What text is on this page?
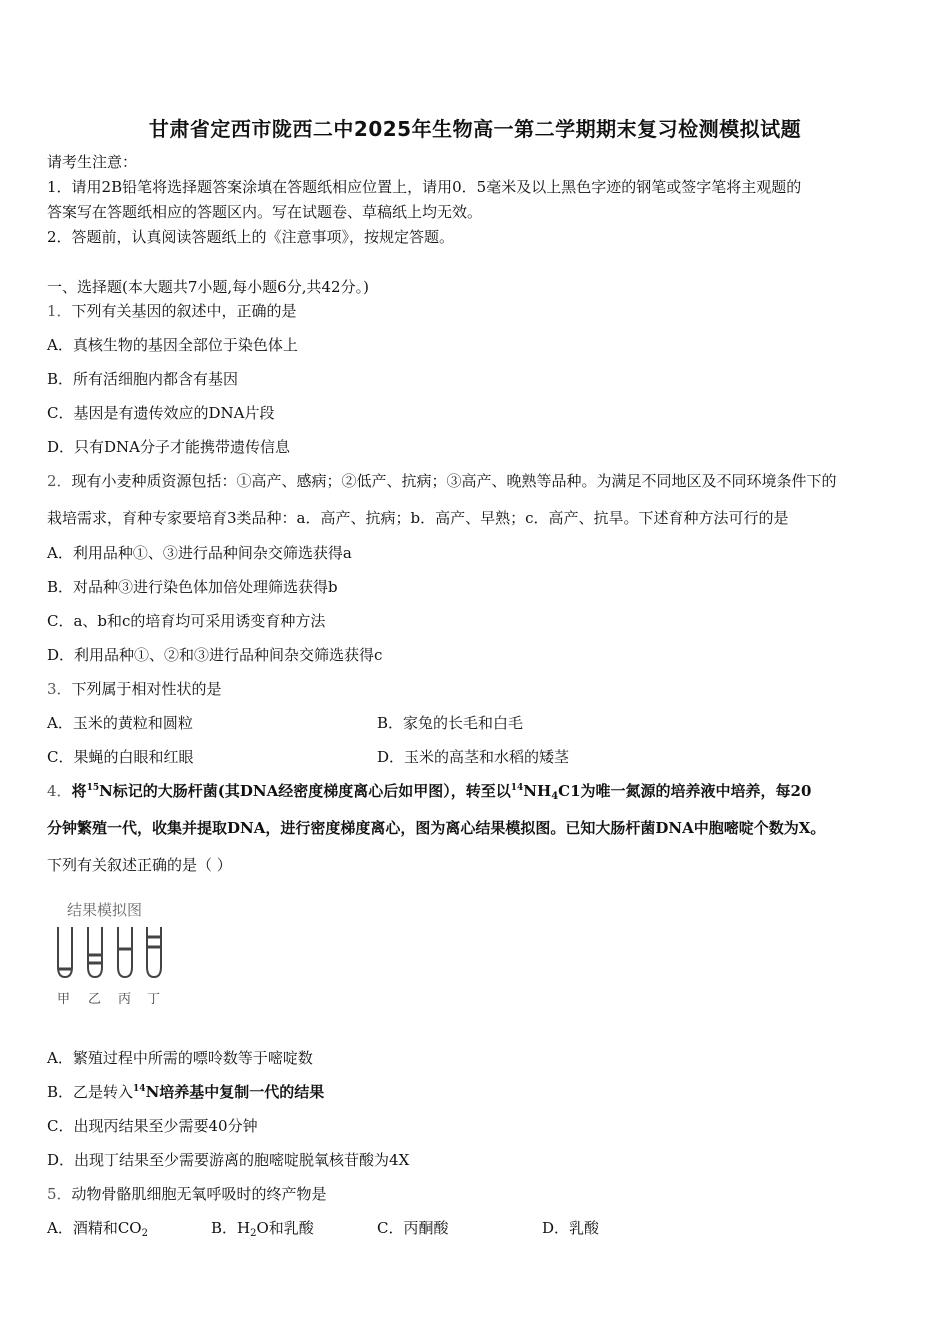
甘肃省定西市陇西二中2025年生物高一第二学期期末复习检测模拟试题
请考生注意：
1．请用2B铅笔将选择题答案涂填在答题纸相应位置上，请用0．5毫米及以上黑色字迹的钢笔或签字笔将主观题的
答案写在答题纸相应的答题区内。写在试题卷、草稿纸上均无效。
2．答题前，认真阅读答题纸上的《注意事项》，按规定答题。
一、选择题(本大题共7小题,每小题6分,共42分。)
1．下列有关基因的叙述中，正确的是
A．真核生物的基因全部位于染色体上
B．所有活细胞内都含有基因
C．基因是有遗传效应的DNA片段
D．只有DNA分子才能携带遗传信息
2．现有小麦种质资源包括：①高产、感病；②低产、抗病；③高产、晚熟等品种。为满足不同地区及不同环境条件下的
栽培需求，育种专家要培育3类品种：a．高产、抗病；b．高产、早熟；c．高产、抗旱。下述育种方法可行的是
A．利用品种①、③进行品种间杂交筛选获得a
B．对品种③进行染色体加倍处理筛选获得b
C．a、b和c的培育均可采用诱变育种方法
D．利用品种①、②和③进行品种间杂交筛选获得c
3．下列属于相对性状的是
A．玉米的黄粒和圆粒	B．家兔的长毛和白毛
C．果蝇的白眼和红眼	D．玉米的高茎和水稻的矮茎
4．将$^{15}$N标记的大肠杆菌(其DNA经密度梯度离心后如甲图），转至以$^{14}NH_4C1$为唯一氮源的培养液中培养，每20
分钟繁殖一代，收集并提取DNA，进行密度梯度离心，图为离心结果模拟图。已知大肠杆菌DNA中胞嘧啶个数为X。
下列有关叙述正确的是（ ）
结果模拟图
甲 乙 丙 丁
A．繁殖过程中所需的嘌呤数等于嘧啶数
B．乙是转入$^{14}$N培养基中复制一代的结果
C．出现丙结果至少需要40分钟
D．出现丁结果至少需要游离的胞嘧啶脱氧核苷酸为4X
5．动物骨骼肌细胞无氧呼吸时的终产物是
A．酒精和$CO_2$	B．$H_2O$和乳酸	C．丙酮酸	D．乳酸
